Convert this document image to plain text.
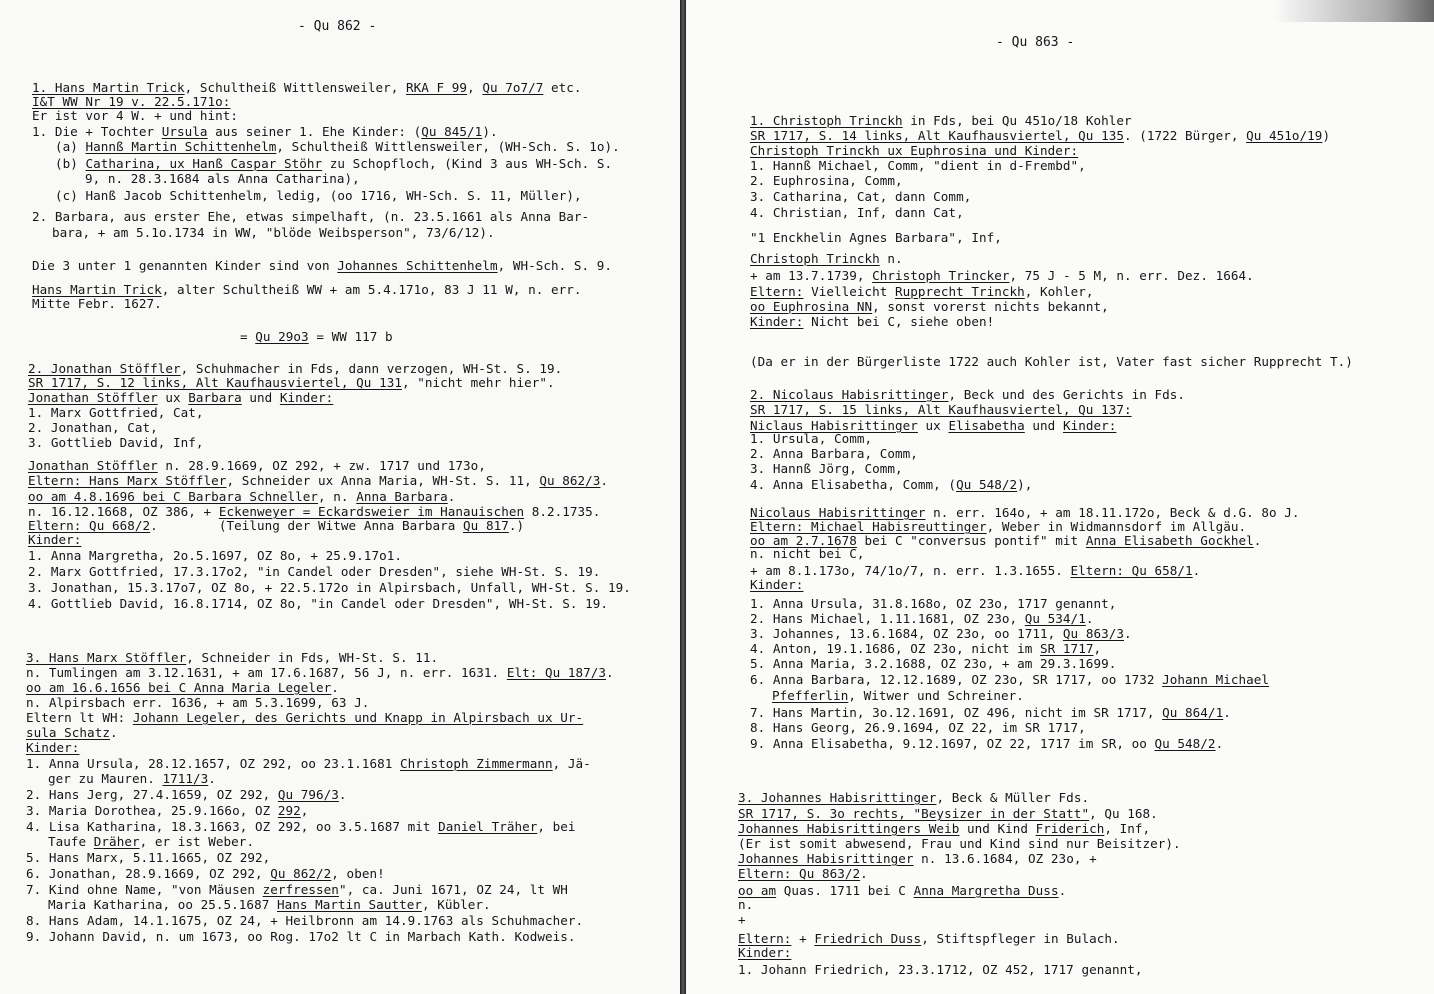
- Qu 862 -
1. Hans Martin Trick, Schultheiß Wittlensweiler, RKA F 99, Qu 7o7/7 etc.
I&T WW Nr 19 v. 22.5.171o:
Er ist vor 4 W. + und hint:
1. Die + Tochter Ursula aus seiner 1. Ehe Kinder: (Qu 845/1).
(a) Hannß Martin Schittenhelm, Schultheiß Wittlensweiler, (WH-Sch. S. 1o).
(b) Catharina, ux Hanß Caspar Stöhr zu Schopfloch, (Kind 3 aus WH-Sch. S.
9, n. 28.3.1684 als Anna Catharina),
(c) Hanß Jacob Schittenhelm, ledig, (oo 1716, WH-Sch. S. 11, Müller),
2. Barbara, aus erster Ehe, etwas simpelhaft, (n. 23.5.1661 als Anna Bar-
bara, + am 5.1o.1734 in WW, "blöde Weibsperson", 73/6/12).
Die 3 unter 1 genannten Kinder sind von Johannes Schittenhelm, WH-Sch. S. 9.
Hans Martin Trick, alter Schultheiß WW + am 5.4.171o, 83 J 11 W, n. err.
Mitte Febr. 1627.
= Qu 29o3 = WW 117 b
2. Jonathan Stöffler, Schuhmacher in Fds, dann verzogen, WH-St. S. 19.
SR 1717, S. 12 links, Alt Kaufhausviertel, Qu 131, "nicht mehr hier".
Jonathan Stöffler ux Barbara und Kinder:
1. Marx Gottfried, Cat,
2. Jonathan, Cat,
3. Gottlieb David, Inf,
Jonathan Stöffler n. 28.9.1669, OZ 292, + zw. 1717 und 173o,
Eltern: Hans Marx Stöffler, Schneider ux Anna Maria, WH-St. S. 11, Qu 862/3.
oo am 4.8.1696 bei C Barbara Schneller, n. Anna Barbara.
n. 16.12.1668, OZ 386, + Eckenweyer = Eckardsweier im Hanauischen 8.2.1735.
Eltern: Qu 668/2.        (Teilung der Witwe Anna Barbara Qu 817.)
Kinder:
1. Anna Margretha, 2o.5.1697, OZ 8o, + 25.9.17o1.
2. Marx Gottfried, 17.3.17o2, "in Candel oder Dresden", siehe WH-St. S. 19.
3. Jonathan, 15.3.17o7, OZ 8o, + 22.5.172o in Alpirsbach, Unfall, WH-St. S. 19.
4. Gottlieb David, 16.8.1714, OZ 8o, "in Candel oder Dresden", WH-St. S. 19.
3. Hans Marx Stöffler, Schneider in Fds, WH-St. S. 11.
n. Tumlingen am 3.12.1631, + am 17.6.1687, 56 J, n. err. 1631. Elt: Qu 187/3.
oo am 16.6.1656 bei C Anna Maria Legeler.
n. Alpirsbach err. 1636, + am 5.3.1699, 63 J.
Eltern lt WH: Johann Legeler, des Gerichts und Knapp in Alpirsbach ux Ur-
sula Schatz.
Kinder:
1. Anna Ursula, 28.12.1657, OZ 292, oo 23.1.1681 Christoph Zimmermann, Jä-
ger zu Mauren. 1711/3.
2. Hans Jerg, 27.4.1659, OZ 292, Qu 796/3.
3. Maria Dorothea, 25.9.166o, OZ 292,
4. Lisa Katharina, 18.3.1663, OZ 292, oo 3.5.1687 mit Daniel Träher, bei
Taufe Dräher, er ist Weber.
5. Hans Marx, 5.11.1665, OZ 292,
6. Jonathan, 28.9.1669, OZ 292, Qu 862/2, oben!
7. Kind ohne Name, "von Mäusen zerfressen", ca. Juni 1671, OZ 24, lt WH
Maria Katharina, oo 25.5.1687 Hans Martin Sautter, Kübler.
8. Hans Adam, 14.1.1675, OZ 24, + Heilbronn am 14.9.1763 als Schuhmacher.
9. Johann David, n. um 1673, oo Rog. 17o2 lt C in Marbach Kath. Kodweis.
- Qu 863 -
1. Christoph Trinckh in Fds, bei Qu 451o/18 Kohler
SR 1717, S. 14 links, Alt Kaufhausviertel, Qu 135. (1722 Bürger, Qu 451o/19)
Christoph Trinckh ux Euphrosina und Kinder:
1. Hannß Michael, Comm, "dient in d-Frembd",
2. Euphrosina, Comm,
3. Catharina, Cat, dann Comm,
4. Christian, Inf, dann Cat,
"1 Enckhelin Agnes Barbara", Inf,
Christoph Trinckh n.
+ am 13.7.1739, Christoph Trincker, 75 J - 5 M, n. err. Dez. 1664.
Eltern: Vielleicht Rupprecht Trinckh, Kohler,
oo Euphrosina NN, sonst vorerst nichts bekannt,
Kinder: Nicht bei C, siehe oben!
(Da er in der Bürgerliste 1722 auch Kohler ist, Vater fast sicher Rupprecht T.)
2. Nicolaus Habisrittinger, Beck und des Gerichts in Fds.
SR 1717, S. 15 links, Alt Kaufhausviertel, Qu 137:
Niclaus Habisrittinger ux Elisabetha und Kinder:
1. Ursula, Comm,
2. Anna Barbara, Comm,
3. Hannß Jörg, Comm,
4. Anna Elisabetha, Comm, (Qu 548/2),
Nicolaus Habisrittinger n. err. 164o, + am 18.11.172o, Beck & d.G. 8o J.
Eltern: Michael Habisreuttinger, Weber in Widmannsdorf im Allgäu.
oo am 2.7.1678 bei C "conversus pontif" mit Anna Elisabeth Gockhel.
n. nicht bei C,
+ am 8.1.173o, 74/1o/7, n. err. 1.3.1655. Eltern: Qu 658/1.
Kinder:
1. Anna Ursula, 31.8.168o, OZ 23o, 1717 genannt,
2. Hans Michael, 1.11.1681, OZ 23o, Qu 534/1.
3. Johannes, 13.6.1684, OZ 23o, oo 1711, Qu 863/3.
4. Anton, 19.1.1686, OZ 23o, nicht im SR 1717,
5. Anna Maria, 3.2.1688, OZ 23o, + am 29.3.1699.
6. Anna Barbara, 12.12.1689, OZ 23o, SR 1717, oo 1732 Johann Michael
Pfefferlin, Witwer und Schreiner.
7. Hans Martin, 3o.12.1691, OZ 496, nicht im SR 1717, Qu 864/1.
8. Hans Georg, 26.9.1694, OZ 22, im SR 1717,
9. Anna Elisabetha, 9.12.1697, OZ 22, 1717 im SR, oo Qu 548/2.
3. Johannes Habisrittinger, Beck & Müller Fds.
SR 1717, S. 3o rechts, "Beysizer in der Statt", Qu 168.
Johannes Habisrittingers Weib und Kind Friderich, Inf,
(Er ist somit abwesend, Frau und Kind sind nur Beisitzer).
Johannes Habisrittinger n. 13.6.1684, OZ 23o, +
Eltern: Qu 863/2.
oo am Quas. 1711 bei C Anna Margretha Duss.
n.
+
Eltern: + Friedrich Duss, Stiftspfleger in Bulach.
Kinder:
1. Johann Friedrich, 23.3.1712, OZ 452, 1717 genannt,
